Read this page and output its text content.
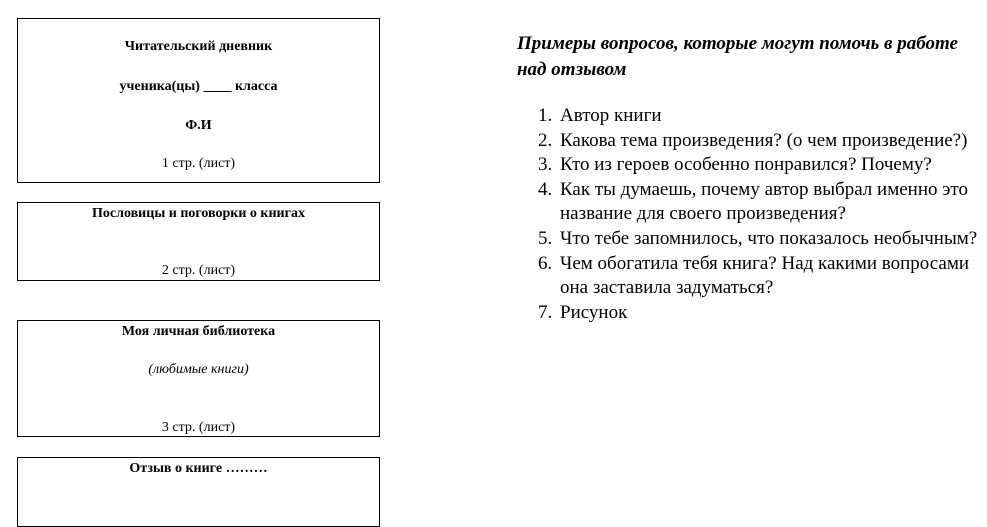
Читательский дневник
ученика(цы) ____ класса
Ф.И
1 стр. (лист)
Пословицы и поговорки о книгах
2 стр. (лист)
Моя личная библиотека
(любимые книги)
3 стр. (лист)
Отзыв о книге ………
Примеры вопросов, которые могут помочь в работе над отзывом
1. Автор книги
2. Какова тема произведения? (о чем произведение?)
3. Кто из героев особенно понравился? Почему?
4. Как ты думаешь, почему автор выбрал именно это название для своего произведения?
5. Что тебе запомнилось, что показалось необычным?
6. Чем обогатила тебя книга? Над какими вопросами она заставила задуматься?
7. Рисунок
